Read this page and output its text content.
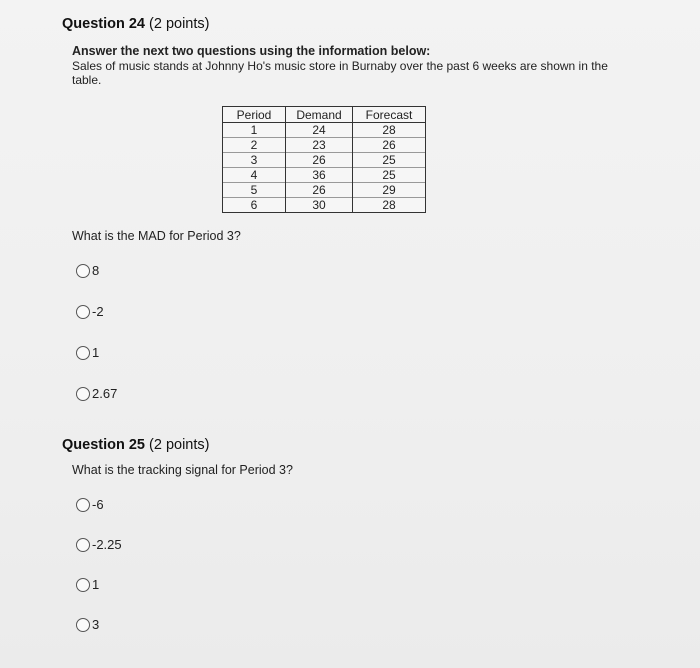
Question 24 (2 points)
Answer the next two questions using the information below:
Sales of music stands at Johnny Ho's music store in Burnaby over the past 6 weeks are shown in the table.
Period	Demand	Forecast
1	24	28
2	23	26
3	26	25
4	36	25
5	26	29
6	30	28
What is the MAD for Period 3?
8
-2
1
2.67
Question 25 (2 points)
What is the tracking signal for Period 3?
-6
-2.25
1
3
